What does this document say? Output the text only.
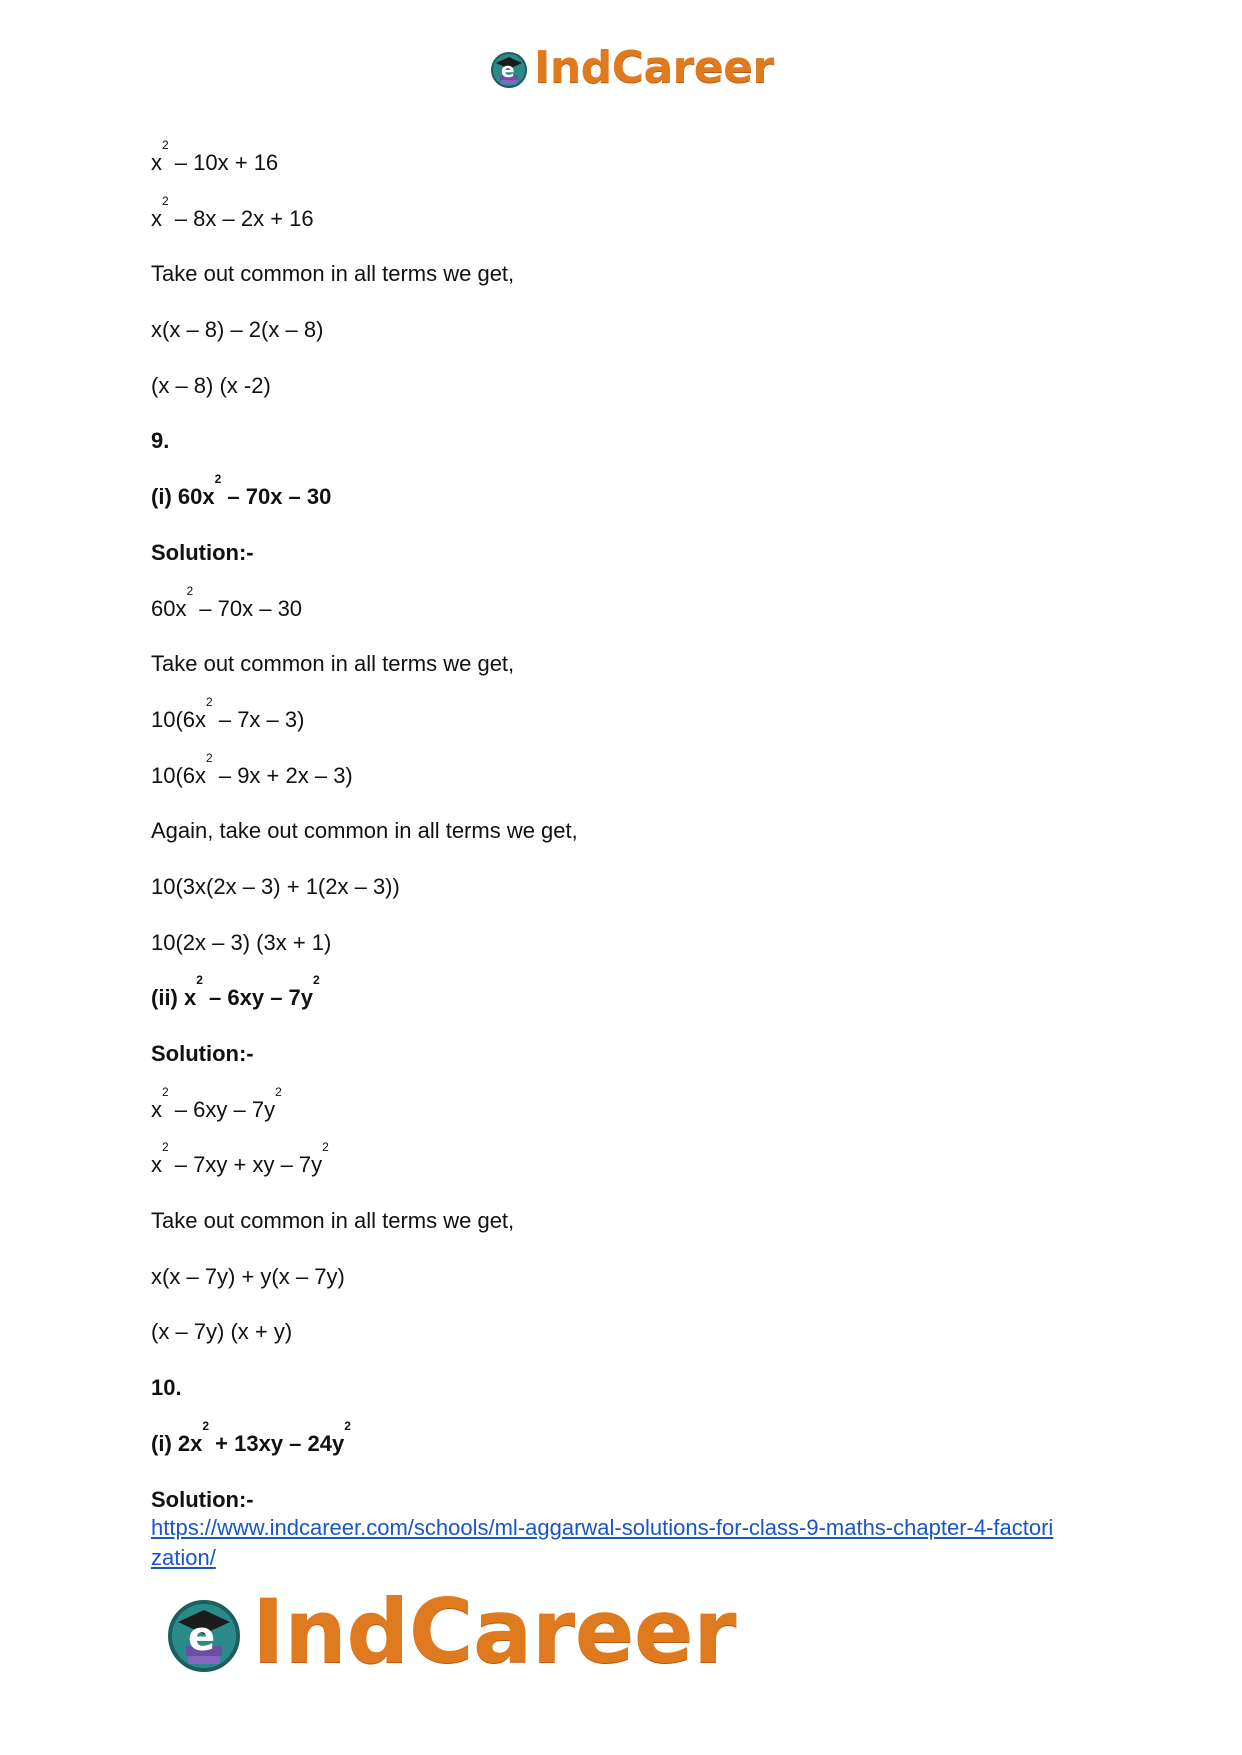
e IndCareer
$x^2 - 10x + 16$
$x^2 - 8x - 2x + 16$
Take out common in all terms we get,
x(x – 8) – 2(x – 8)
(x – 8) (x -2)
9.
(i) $60x^2 - 70x - 30$
Solution:-
$60x^2 - 70x - 30$
Take out common in all terms we get,
$10(6x^2 - 7x - 3)$
$10(6x^2 - 9x + 2x - 3)$
Again, take out common in all terms we get,
10(3x(2x – 3) + 1(2x – 3))
10(2x – 3) (3x + 1)
(ii) $x^2 - 6xy - 7y^2$
Solution:-
$x^2 - 6xy - 7y^2$
$x^2 - 7xy$ + xy – $7y^2$
Take out common in all terms we get,
x(x – 7y) + y(x – 7y)
(x – 7y) (x + y)
10.
(i) $2x^2 + 13xy - 24y^2$
Solution:-
https://www.indcareer.com/schools/ml-aggarwal-solutions-for-class-9-maths-chapter-4-factori
zation/
e IndCareer
